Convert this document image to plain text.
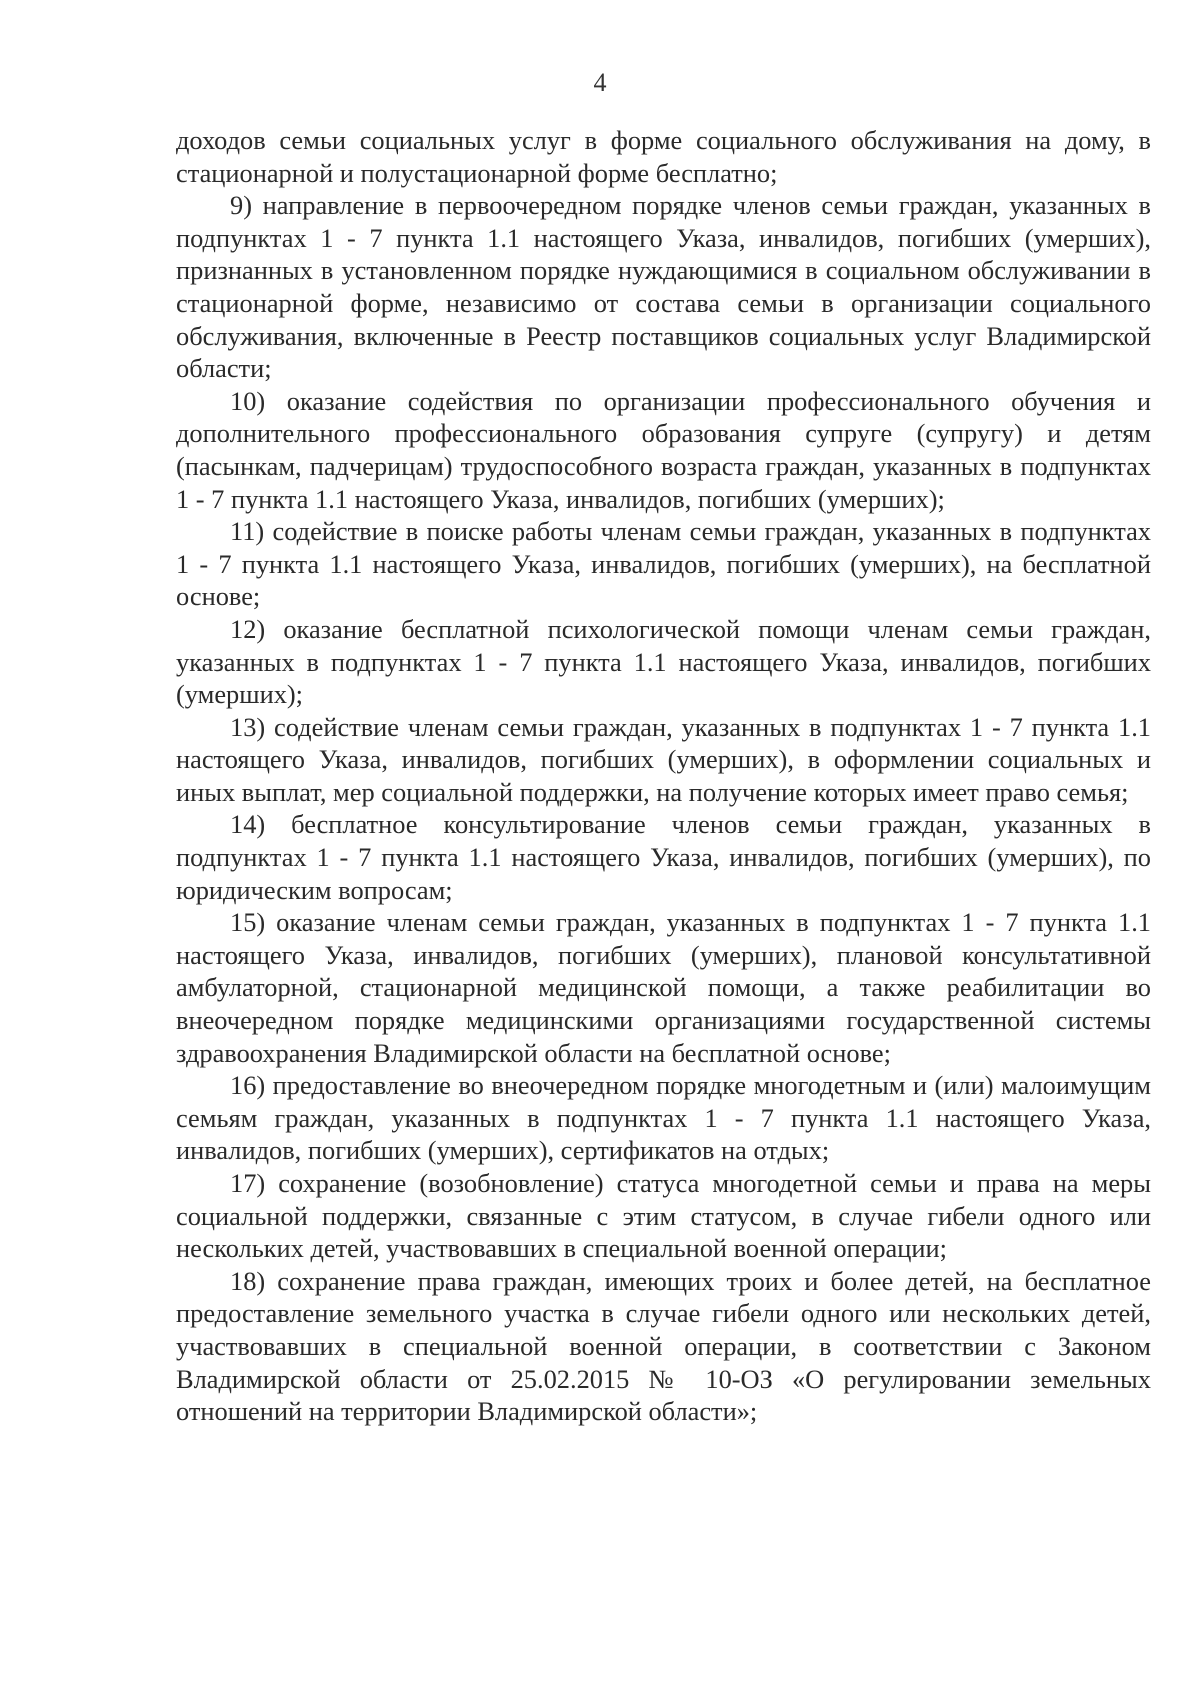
4

доходов семьи социальных услуг в форме социального обслуживания на дому, в стационарной и полустационарной форме бесплатно;

9) направление в первоочередном порядке членов семьи граждан, указанных в подпунктах 1 - 7 пункта 1.1 настоящего Указа, инвалидов, погибших (умерших), признанных в установленном порядке нуждающимися в социальном обслуживании в стационарной форме, независимо от состава семьи в организации социального обслуживания, включенные в Реестр поставщиков социальных услуг Владимирской области;

10) оказание содействия по организации профессионального обучения и дополнительного профессионального образования супруге (супругу) и детям (пасынкам, падчерицам) трудоспособного возраста граждан, указанных в подпунктах 1 - 7 пункта 1.1 настоящего Указа, инвалидов, погибших (умерших);

11) содействие в поиске работы членам семьи граждан, указанных в подпунктах 1 - 7 пункта 1.1 настоящего Указа, инвалидов, погибших (умерших), на бесплатной основе;

12) оказание бесплатной психологической помощи членам семьи граждан, указанных в подпунктах 1 - 7 пункта 1.1 настоящего Указа, инвалидов, погибших (умерших);

13) содействие членам семьи граждан, указанных в подпунктах 1 - 7 пункта 1.1 настоящего Указа, инвалидов, погибших (умерших), в оформлении социальных и иных выплат, мер социальной поддержки, на получение которых имеет право семья;

14) бесплатное консультирование членов семьи граждан, указанных в подпунктах 1 - 7 пункта 1.1 настоящего Указа, инвалидов, погибших (умерших), по юридическим вопросам;

15) оказание членам семьи граждан, указанных в подпунктах 1 - 7 пункта 1.1 настоящего Указа, инвалидов, погибших (умерших), плановой консультативной амбулаторной, стационарной медицинской помощи, а также реабилитации во внеочередном порядке медицинскими организациями государственной системы здравоохранения Владимирской области на бесплатной основе;

16) предоставление во внеочередном порядке многодетным и (или) малоимущим семьям граждан, указанных в подпунктах 1 - 7 пункта 1.1 настоящего Указа, инвалидов, погибших (умерших), сертификатов на отдых;

17) сохранение (возобновление) статуса многодетной семьи и права на меры социальной поддержки, связанные с этим статусом, в случае гибели одного или нескольких детей, участвовавших в специальной военной операции;

18) сохранение права граждан, имеющих троих и более детей, на бесплатное предоставление земельного участка в случае гибели одного или нескольких детей, участвовавших в специальной военной операции, в соответствии с Законом Владимирской области от 25.02.2015 № 10-ОЗ «О регулировании земельных отношений на территории Владимирской области»;
